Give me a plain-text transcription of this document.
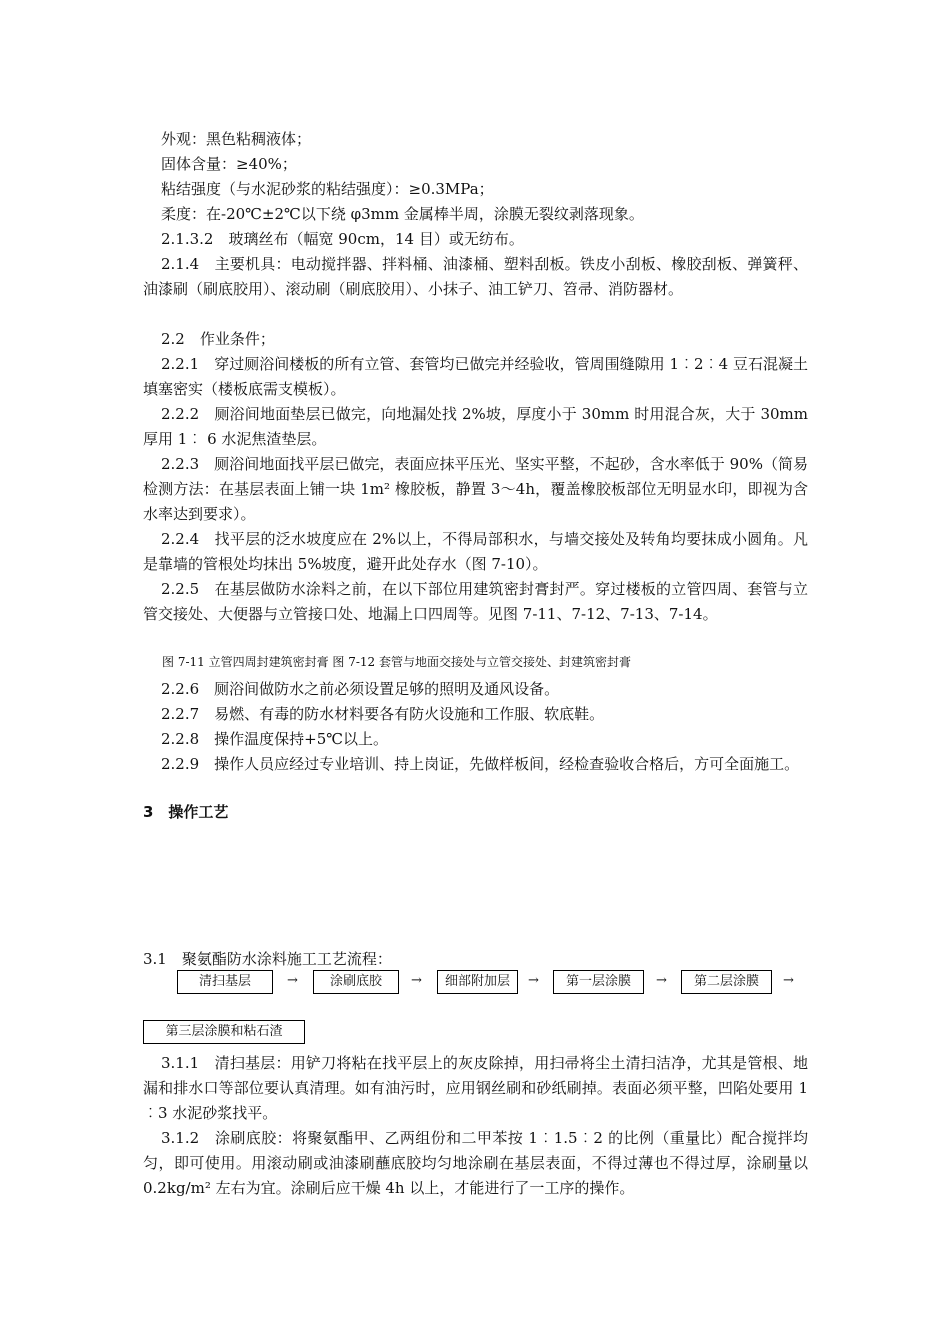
外观：黑色粘稠液体；
固体含量：≥40%；
粘结强度（与水泥砂浆的粘结强度）：≥0.3MPa；
柔度：在-20℃±2℃以下绕 φ3mm 金属棒半周，涂膜无裂纹剥落现象。
2.1.3.2　玻璃丝布（幅宽 90cm，14 目）或无纺布。
2.1.4　主要机具：电动搅拌器、拌料桶、油漆桶、塑料刮板。铁皮小刮板、橡胶刮板、弹簧秤、油漆刷（刷底胶用）、滚动刷（刷底胶用）、小抹子、油工铲刀、笤帚、消防器材。
2.2　作业条件；
2.2.1　穿过厕浴间楼板的所有立管、套管均已做完并经验收，管周围缝隙用 1︰2︰4 豆石混凝土填塞密实（楼板底需支模板）。
2.2.2　厕浴间地面垫层已做完，向地漏处找 2%坡，厚度小于 30mm 时用混合灰，大于 30mm 厚用 1︰ 6 水泥焦渣垫层。
2.2.3　厕浴间地面找平层已做完，表面应抹平压光、坚实平整，不起砂，含水率低于 90%（简易检测方法：在基层表面上铺一块 1m² 橡胶板，静置 3～4h，覆盖橡胶板部位无明显水印，即视为含水率达到要求）。
2.2.4　找平层的泛水坡度应在 2%以上，不得局部积水，与墙交接处及转角均要抹成小圆角。凡是靠墙的管根处均抹出 5%坡度，避开此处存水（图 7-10）。
2.2.5　在基层做防水涂料之前，在以下部位用建筑密封膏封严。穿过楼板的立管四周、套管与立管交接处、大便器与立管接口处、地漏上口四周等。见图 7-11、7-12、7-13、7-14。
图 7-11 立管四周封建筑密封膏 图 7-12 套管与地面交接处与立管交接处、封建筑密封膏
2.2.6　厕浴间做防水之前必须设置足够的照明及通风设备。
2.2.7　易燃、有毒的防水材料要各有防火设施和工作服、软底鞋。
2.2.8　操作温度保持+5℃以上。
2.2.9　操作人员应经过专业培训、持上岗证，先做样板间，经检查验收合格后，方可全面施工。
3　操作工艺
3.1　聚氨酯防水涂料施工工艺流程：
清扫基层	→	涂刷底胶	→	细部附加层	→	第一层涂膜	→	第二层涂膜	→
第三层涂膜和粘石渣
3.1.1　清扫基层：用铲刀将粘在找平层上的灰皮除掉，用扫帚将尘土清扫洁净，尤其是管根、地漏和排水口等部位要认真清理。如有油污时，应用钢丝刷和砂纸刷掉。表面必须平整，凹陷处要用 1︰3 水泥砂浆找平。
3.1.2　涂刷底胶：将聚氨酯甲、乙两组份和二甲苯按 1︰1.5︰2 的比例（重量比）配合搅拌均匀，即可使用。用滚动刷或油漆刷蘸底胶均匀地涂刷在基层表面，不得过薄也不得过厚，涂刷量以 0.2kg/m² 左右为宜。涂刷后应干燥 4h 以上，才能进行了一工序的操作。
